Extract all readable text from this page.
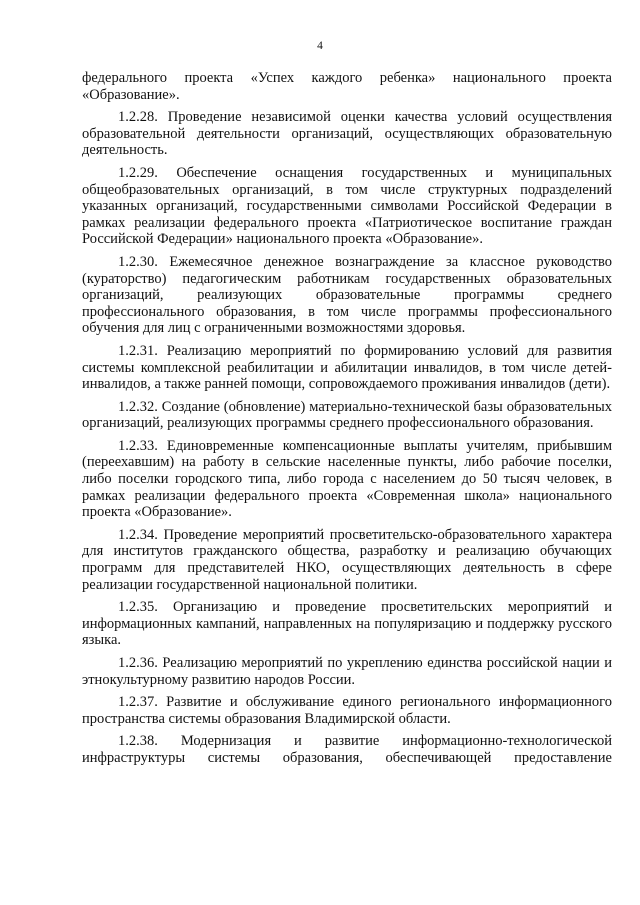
4

федерального проекта «Успех каждого ребенка» национального проекта «Образование».

1.2.28. Проведение независимой оценки качества условий осуществления образовательной деятельности организаций, осуществляющих образовательную деятельность.

1.2.29. Обеспечение оснащения государственных и муниципальных общеобразовательных организаций, в том числе структурных подразделений указанных организаций, государственными символами Российской Федерации в рамках реализации федерального проекта «Патриотическое воспитание граждан Российской Федерации» национального проекта «Образование».

1.2.30. Ежемесячное денежное вознаграждение за классное руководство (кураторство) педагогическим работникам государственных образовательных организаций, реализующих образовательные программы среднего профессионального образования, в том числе программы профессионального обучения для лиц с ограниченными возможностями здоровья.

1.2.31. Реализацию мероприятий по формированию условий для развития системы комплексной реабилитации и абилитации инвалидов, в том числе детей-инвалидов, а также ранней помощи, сопровождаемого проживания инвалидов (дети).

1.2.32. Создание (обновление) материально-технической базы образовательных организаций, реализующих программы среднего профессионального образования.

1.2.33. Единовременные компенсационные выплаты учителям, прибывшим (переехавшим) на работу в сельские населенные пункты, либо рабочие поселки, либо поселки городского типа, либо города с населением до 50 тысяч человек, в рамках реализации федерального проекта «Современная школа» национального проекта «Образование».

1.2.34. Проведение мероприятий просветительско-образовательного характера для институтов гражданского общества, разработку и реализацию обучающих программ для представителей НКО, осуществляющих деятельность в сфере реализации государственной национальной политики.

1.2.35. Организацию и проведение просветительских мероприятий и информационных кампаний, направленных на популяризацию и поддержку русского языка.

1.2.36. Реализацию мероприятий по укреплению единства российской нации и этнокультурному развитию народов России.

1.2.37. Развитие и обслуживание единого регионального информационного пространства системы образования Владимирской области.

1.2.38. Модернизация и развитие информационно-технологической инфраструктуры системы образования, обеспечивающей предоставление
